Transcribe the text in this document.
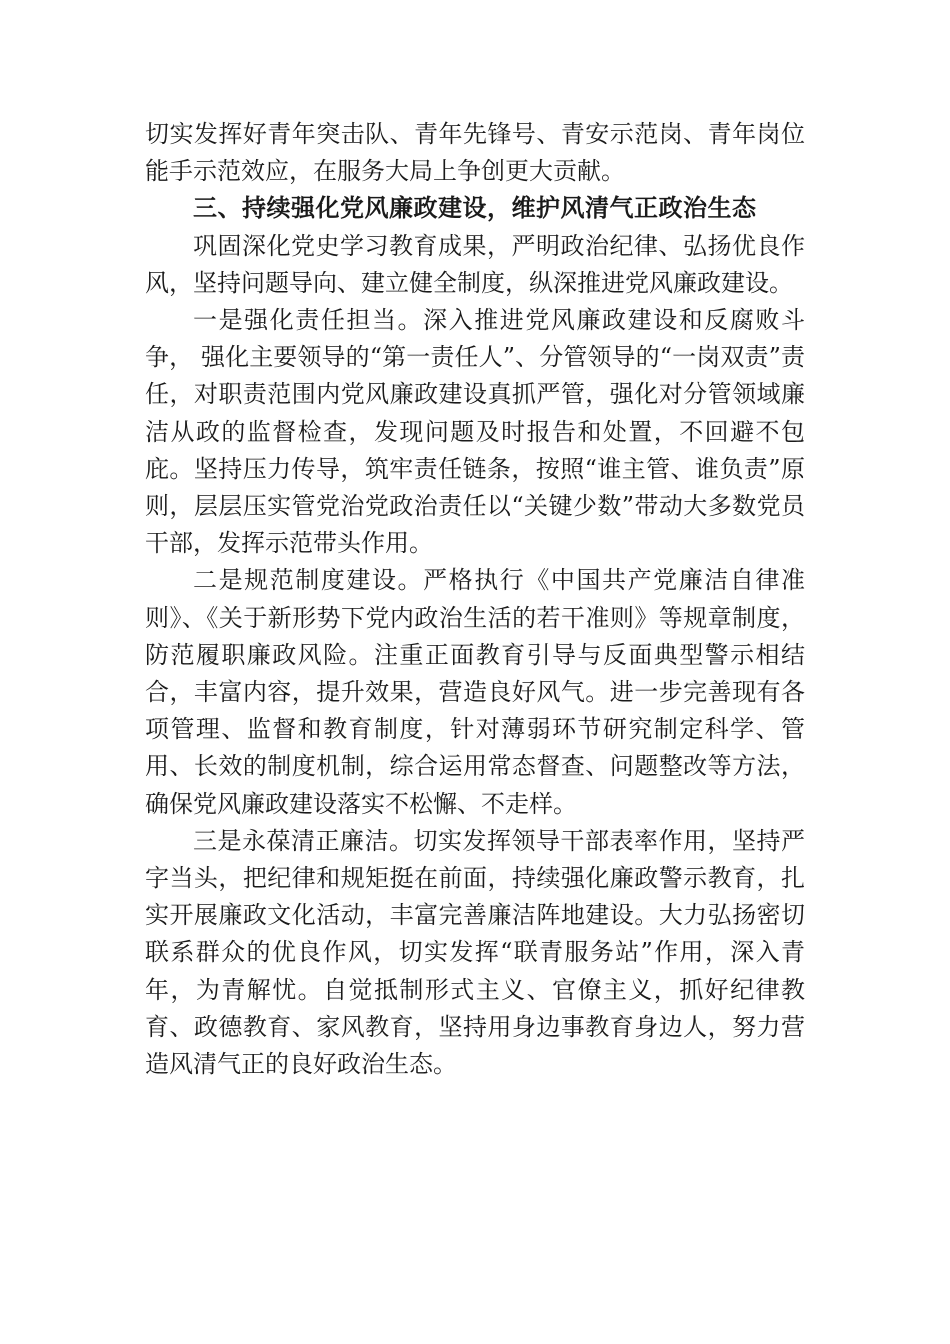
切实发挥好青年突击队、青年先锋号、青安示范岗、青年岗位能手示范效应，在服务大局上争创更大贡献。

三、持续强化党风廉政建设，维护风清气正政治生态

巩固深化党史学习教育成果，严明政治纪律、弘扬优良作风，坚持问题导向、建立健全制度，纵深推进党风廉政建设。

一是强化责任担当。深入推进党风廉政建设和反腐败斗争， 强化主要领导的“第一责任人”、分管领导的“一岗双责”责任，对职责范围内党风廉政建设真抓严管，强化对分管领域廉洁从政的监督检查，发现问题及时报告和处置，不回避不包庇。坚持压力传导，筑牢责任链条，按照“谁主管、谁负责”原则，层层压实管党治党政治责任以“关键少数”带动大多数党员干部，发挥示范带头作用。

二是规范制度建设。严格执行《中国共产党廉洁自律准则》、《关于新形势下党内政治生活的若干准则》等规章制度，防范履职廉政风险。注重正面教育引导与反面典型警示相结合，丰富内容，提升效果，营造良好风气。进一步完善现有各项管理、监督和教育制度，针对薄弱环节研究制定科学、管用、长效的制度机制，综合运用常态督查、问题整改等方法，确保党风廉政建设落实不松懈、不走样。

三是永葆清正廉洁。切实发挥领导干部表率作用，坚持严字当头，把纪律和规矩挺在前面，持续强化廉政警示教育，扎实开展廉政文化活动，丰富完善廉洁阵地建设。大力弘扬密切联系群众的优良作风，切实发挥“联青服务站”作用，深入青年，为青解忧。自觉抵制形式主义、官僚主义，抓好纪律教育、政德教育、家风教育，坚持用身边事教育身边人，努力营造风清气正的良好政治生态。
